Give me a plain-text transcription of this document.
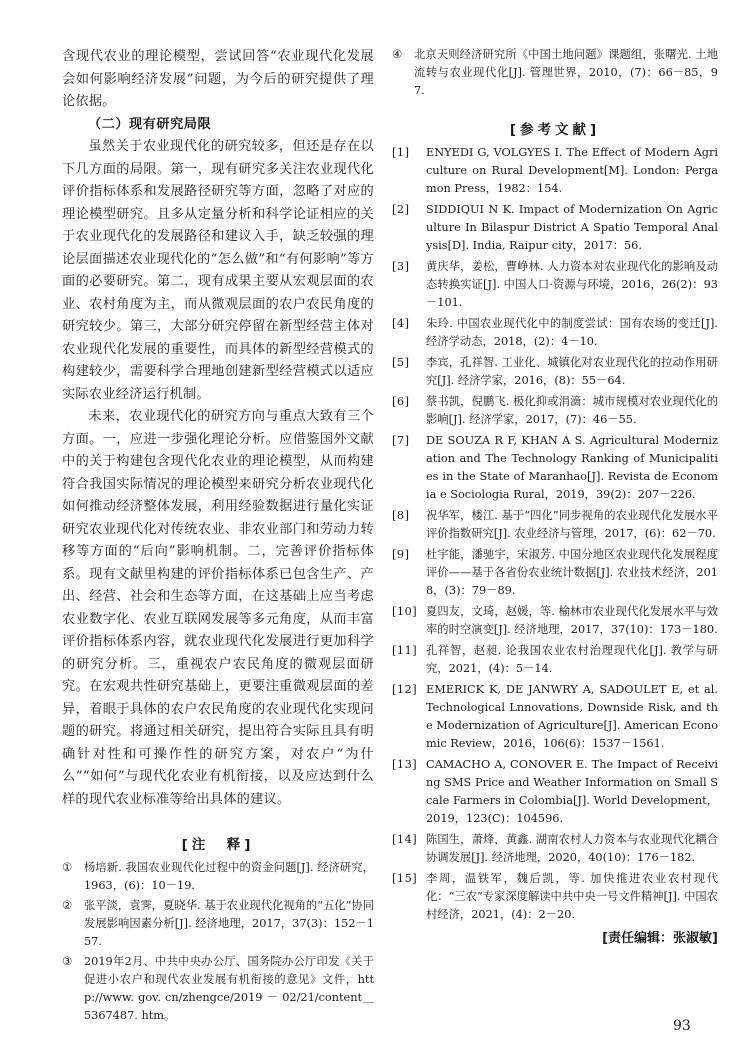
含现代农业的理论模型，尝试回答“农业现代化发展会如何影响经济发展”问题，为今后的研究提供了理论依据。

（二）现有研究局限

虽然关于农业现代化的研究较多，但还是存在以下几方面的局限。第一，现有研究多关注农业现代化评价指标体系和发展路径研究等方面，忽略了对应的理论模型研究。且多从定量分析和科学论证相应的关于农业现代化的发展路径和建议入手，缺乏较强的理论层面描述农业现代化的“怎么做”和“有何影响”等方面的必要研究。第二，现有成果主要从宏观层面的农业、农村角度为主，而从微观层面的农户农民角度的研究较少。第三，大部分研究停留在新型经营主体对农业现代化发展的重要性，而具体的新型经营模式的构建较少，需要科学合理地创建新型经营模式以适应实际农业经济运行机制。

未来，农业现代化的研究方向与重点大致有三个方面。一，应进一步强化理论分析。应借鉴国外文献中的关于构建包含现代化农业的理论模型，从而构建符合我国实际情况的理论模型来研究分析农业现代化如何推动经济整体发展，利用经验数据进行量化实证研究农业现代化对传统农业、非农业部门和劳动力转移等方面的“后向”影响机制。二，完善评价指标体系。现有文献里构建的评价指标体系已包含生产、产出、经营、社会和生态等方面，在这基础上应当考虑农业数字化、农业互联网发展等多元角度，从而丰富评价指标体系内容，就农业现代化发展进行更加科学的研究分析。三，重视农户农民角度的微观层面研究。在宏观共性研究基础上，更要注重微观层面的差异，着眼于具体的农户农民角度的农业现代化实现问题的研究。将通过相关研究，提出符合实际且具有明确针对性和可操作性的研究方案，对农户“为什么”“如何”与现代化农业有机衔接，以及应达到什么样的现代农业标准等给出具体的建议。

[注　释]

①	杨培新. 我国农业现代化过程中的资金问题[J]. 经济研究，1963，(6)：10－19.
②	张平淡，袁霁，夏晓华. 基于农业现代化视角的“五化”协同发展影响因素分析[J]. 经济地理，2017，37(3)：152－157.
③	2019年2月、中共中央办公厅、国务院办公厅印发《关于促进小农户和现代农业发展有机衔接的意见》文件，http://www. gov. cn/zhengce/2019 － 02/21/content＿5367487. htm。
④	北京天则经济研究所《中国土地问题》课题组，张曙光. 土地流转与农业现代化[J]. 管理世界，2010，(7)：66－85，97.

[参考文献]

[1]	ENYEDI G, VOLGYES I. The Effect of Modern Agriculture on Rural Development[M]. London: Pergamon Press，1982：154.
[2]	SIDDIQUI N K. Impact of Modernization On Agriculture In Bilaspur District A Spatio Temporal Analysis[D]. India, Raipur city，2017：56.
[3]	黄庆华，姜松，曹峥林. 人力资本对农业现代化的影响及动态转换实证[J]. 中国人口·资源与环境，2016，26(2)：93－101.
[4]	朱玲. 中国农业现代化中的制度尝试：国有农场的变迁[J]. 经济学动态，2018，(2)：4－10.
[5]	李宾，孔祥智. 工业化、城镇化对农业现代化的拉动作用研究[J]. 经济学家，2016，(8)：55－64.
[6]	蔡书凯，倪鹏飞. 极化抑或涓滴：城市规模对农业现代化的影响[J]. 经济学家，2017，(7)：46－55.
[7]	DE SOUZA R F, KHAN A S. Agricultural Modernization and The Technology Ranking of Municipalities in the State of Maranhao[J]. Revista de Economia e Sociologia Rural，2019，39(2)：207－226.
[8]	祝华军，楼江. 基于“四化”同步视角的农业现代化发展水平评价指数研究[J]. 农业经济与管理，2017，(6)：62－70.
[9]	杜宇能，潘驰宇，宋淑芳. 中国分地区农业现代化发展程度评价——基于各省份农业统计数据[J]. 农业技术经济，2018，(3)：79－89.
[10] 夏四友，文琦，赵媛，等. 榆林市农业现代化发展水平与效率的时空演变[J]. 经济地理，2017，37(10)：173－180.
[11] 孔祥智，赵昶. 论我国农业农村治理现代化[J]. 教学与研究，2021，(4)：5－14.
[12] EMERICK K, DE JANWRY A, SADOULET E, et al. Technological Lnnovations, Downside Risk, and the Modernization of Agriculture[J]. American Economic Review，2016，106(6)：1537－1561.
[13] CAMACHO A, CONOVER E. The Impact of Receiving SMS Price and Weather Information on Small Scale Farmers in Colombia[J]. World Development，2019，123(C)：104596.
[14] 陈国生，萧烽，黄鑫. 湖南农村人力资本与农业现代化耦合协调发展[J]. 经济地理，2020，40(10)：176－182.
[15] 李周，温铁军，魏后凯，等. 加快推进农业农村现代化：“三农”专家深度解读中共中央一号文件精神[J]. 中国农村经济，2021，(4)：2－20.
[责任编辑：张淑敏]
93
